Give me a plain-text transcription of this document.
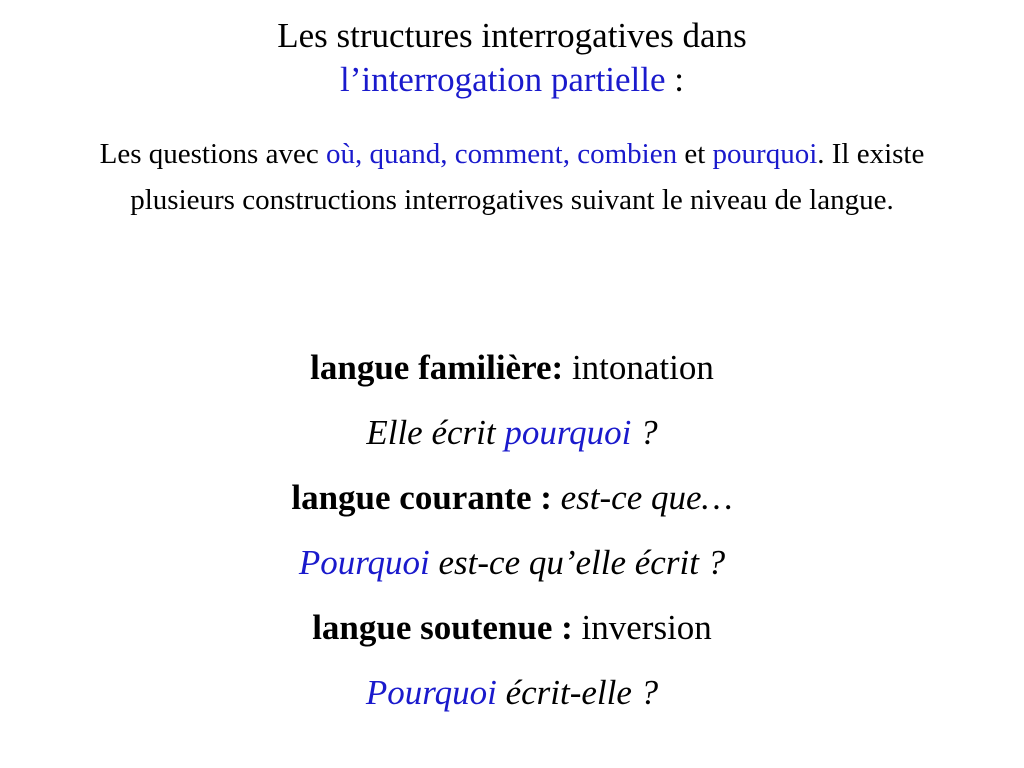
Les structures interrogatives dans
l’interrogation partielle :
Les questions avec où, quand, comment, combien et pourquoi. Il existe plusieurs constructions interrogatives suivant le niveau de langue.
langue familière: intonation
Elle écrit pourquoi ?
langue courante : est-ce que…
Pourquoi est-ce qu’elle écrit ?
langue soutenue : inversion
Pourquoi écrit-elle ?
